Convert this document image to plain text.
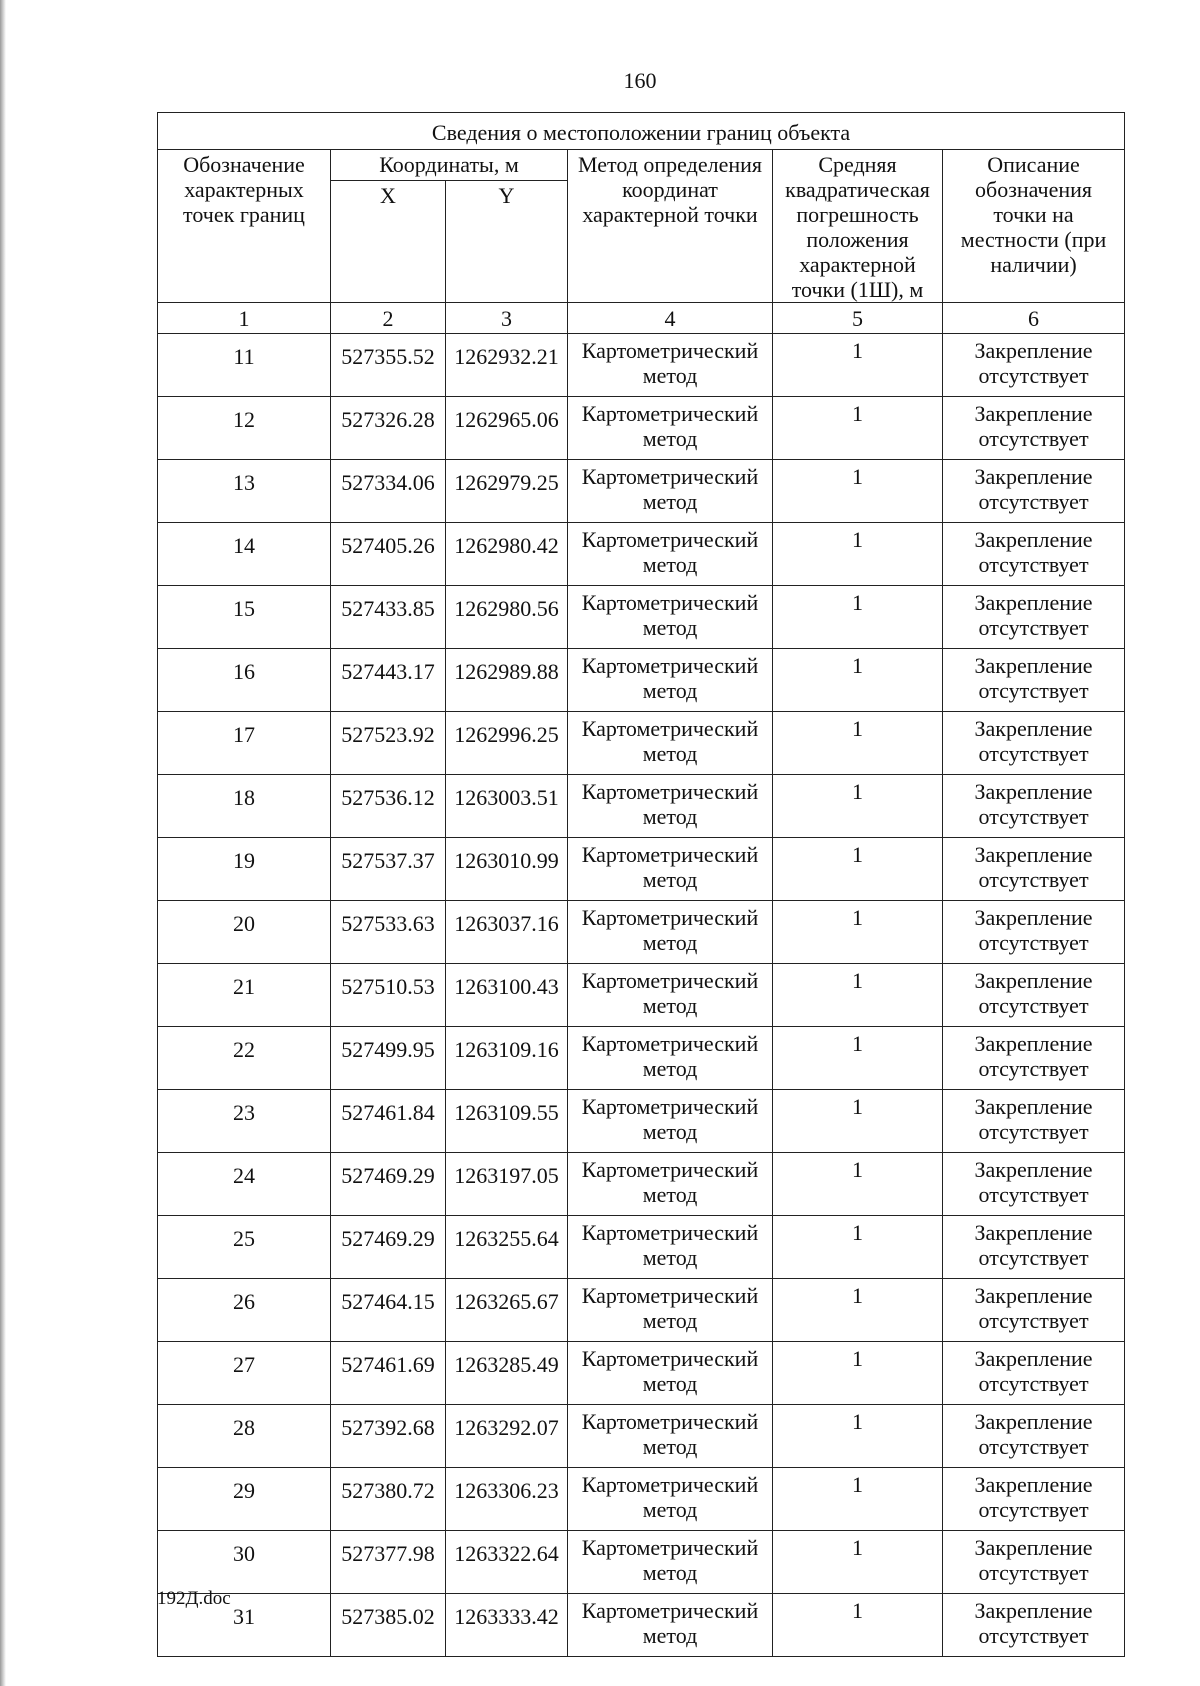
160
Сведения о местоположении границ объекта					
Обозначение характерных точек границ	Координаты, м		Метод определения координат характерной точки	Средняя квадратическая погрешность положения характерной точки (1Ш), м	Описание обозначения точки на местности (при наличии)
	X	Y			
1	2	3	4	5	6
11	527355.52	1262932.21	Картометрический метод	1	Закрепление отсутствует
12	527326.28	1262965.06	Картометрический метод	1	Закрепление отсутствует
13	527334.06	1262979.25	Картометрический метод	1	Закрепление отсутствует
14	527405.26	1262980.42	Картометрический метод	1	Закрепление отсутствует
15	527433.85	1262980.56	Картометрический метод	1	Закрепление отсутствует
16	527443.17	1262989.88	Картометрический метод	1	Закрепление отсутствует
17	527523.92	1262996.25	Картометрический метод	1	Закрепление отсутствует
18	527536.12	1263003.51	Картометрический метод	1	Закрепление отсутствует
19	527537.37	1263010.99	Картометрический метод	1	Закрепление отсутствует
20	527533.63	1263037.16	Картометрический метод	1	Закрепление отсутствует
21	527510.53	1263100.43	Картометрический метод	1	Закрепление отсутствует
22	527499.95	1263109.16	Картометрический метод	1	Закрепление отсутствует
23	527461.84	1263109.55	Картометрический метод	1	Закрепление отсутствует
24	527469.29	1263197.05	Картометрический метод	1	Закрепление отсутствует
25	527469.29	1263255.64	Картометрический метод	1	Закрепление отсутствует
26	527464.15	1263265.67	Картометрический метод	1	Закрепление отсутствует
27	527461.69	1263285.49	Картометрический метод	1	Закрепление отсутствует
28	527392.68	1263292.07	Картометрический метод	1	Закрепление отсутствует
29	527380.72	1263306.23	Картометрический метод	1	Закрепление отсутствует
30	527377.98	1263322.64	Картометрический метод	1	Закрепление отсутствует
31	527385.02	1263333.42	Картометрический метод	1	Закрепление отсутствует
192Д.doc
